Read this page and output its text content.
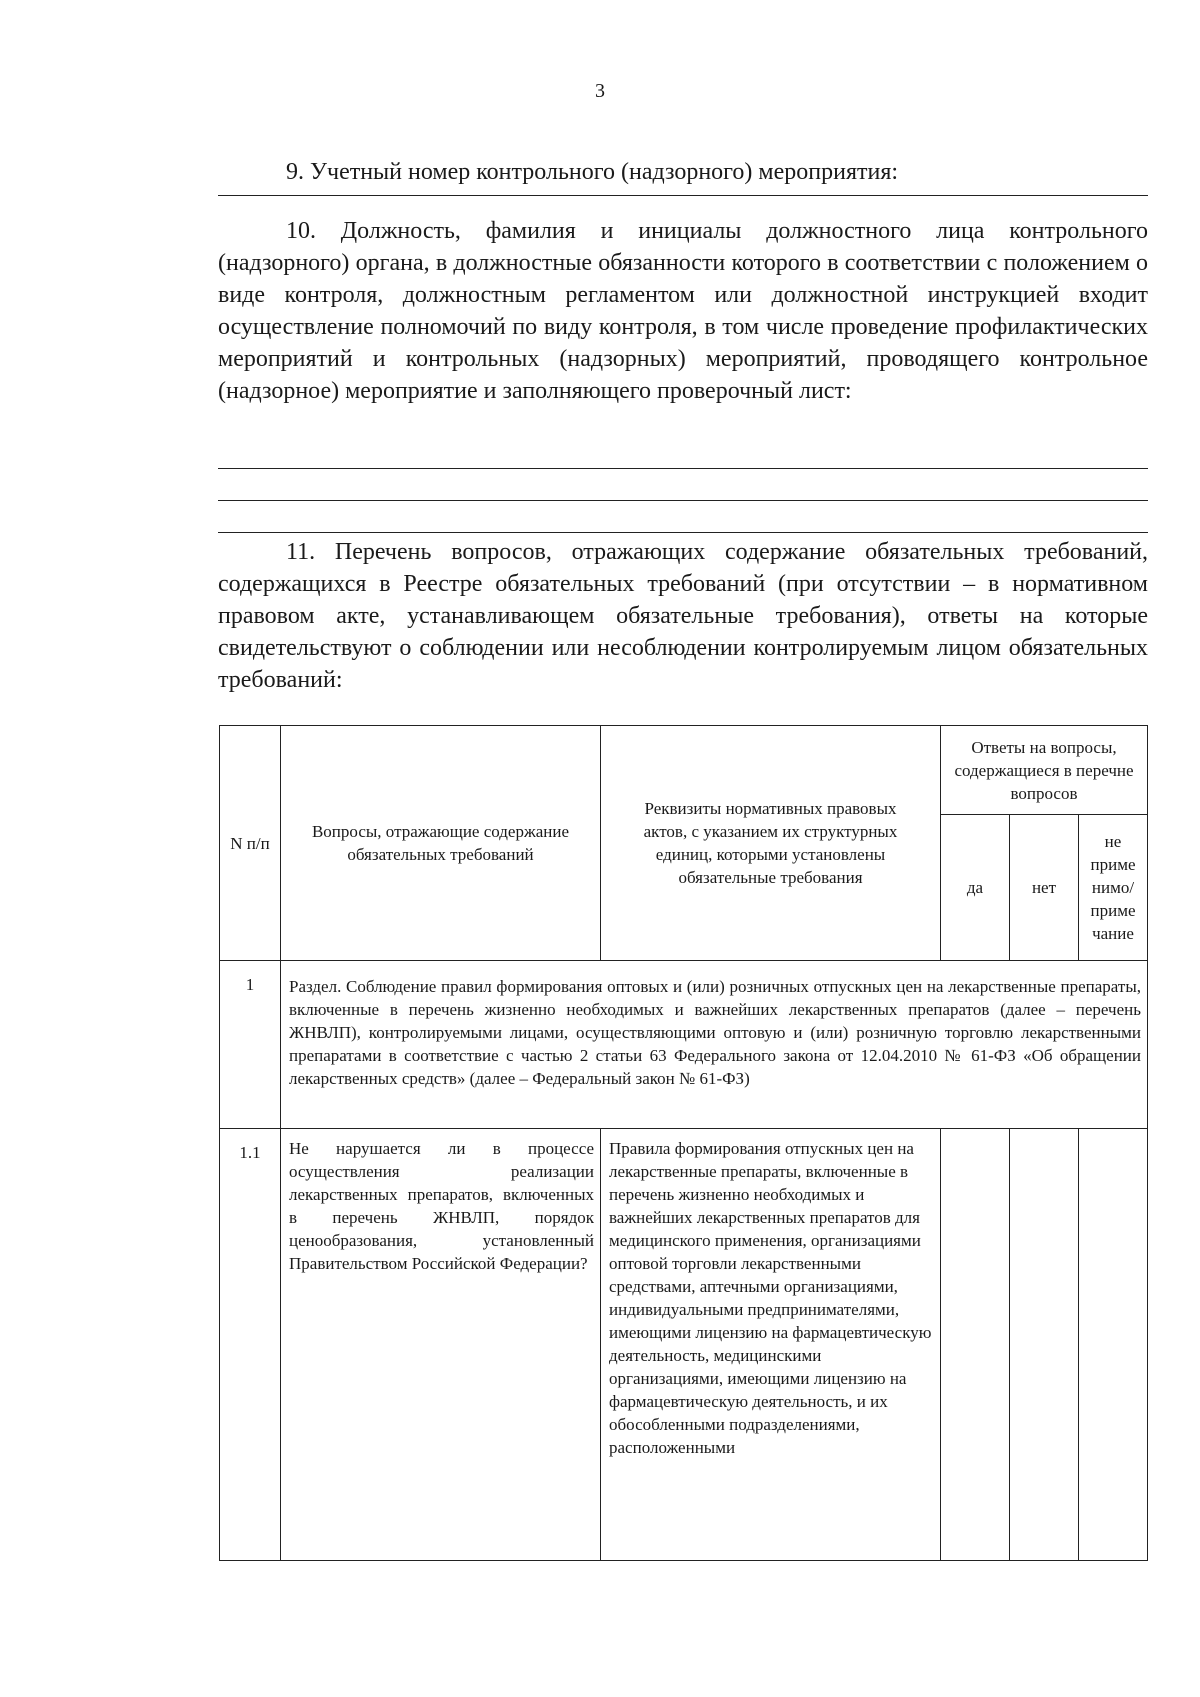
3
9. Учетный номер контрольного (надзорного) мероприятия:
10. Должность, фамилия и инициалы должностного лица контрольного (надзорного) органа, в должностные обязанности которого в соответствии с положением о виде контроля, должностным регламентом или должностной инструкцией входит осуществление полномочий по виду контроля, в том числе проведение профилактических мероприятий и контрольных (надзорных) мероприятий, проводящего контрольное (надзорное) мероприятие и заполняющего проверочный лист:
11. Перечень вопросов, отражающих содержание обязательных требований, содержащихся в Реестре обязательных требований (при отсутствии – в нормативном правовом акте, устанавливающем обязательные требования), ответы на которые свидетельствуют о соблюдении или несоблюдении контролируемым лицом обязательных требований:
N п/п	Вопросы, отражающие содержание обязательных требований	Реквизиты нормативных правовых актов, с указанием их структурных единиц, которыми установлены обязательные требования	Ответы на вопросы, содержащиеся в перечне вопросов		
			да	нет	не приме нимо/ приме чание
1	Раздел. Соблюдение правил формирования оптовых и (или) розничных отпускных цен на лекарственные препараты, включенные в перечень жизненно необходимых и важнейших лекарственных препаратов (далее – перечень ЖНВЛП), контролируемыми лицами, осуществляющими оптовую и (или) розничную торговлю лекарственными препаратами в соответствие с частью 2 статьи 63 Федерального закона от 12.04.2010 № 61-ФЗ «Об обращении лекарственных средств» (далее – Федеральный закон № 61-ФЗ)				
1.1	Не нарушается ли в процессе осуществления реализации лекарственных препаратов, включенных в перечень ЖНВЛП, порядок ценообразования, установленный Правительством Российской Федерации?	Правила формирования отпускных цен на лекарственные препараты, включенные в перечень жизненно необходимых и важнейших лекарственных препаратов для медицинского применения, организациями оптовой торговли лекарственными средствами, аптечными организациями, индивидуальными предпринимателями, имеющими лицензию на фармацевтическую деятельность, медицинскими организациями, имеющими лицензию на фармацевтическую деятельность, и их обособленными подразделениями, расположенными			
